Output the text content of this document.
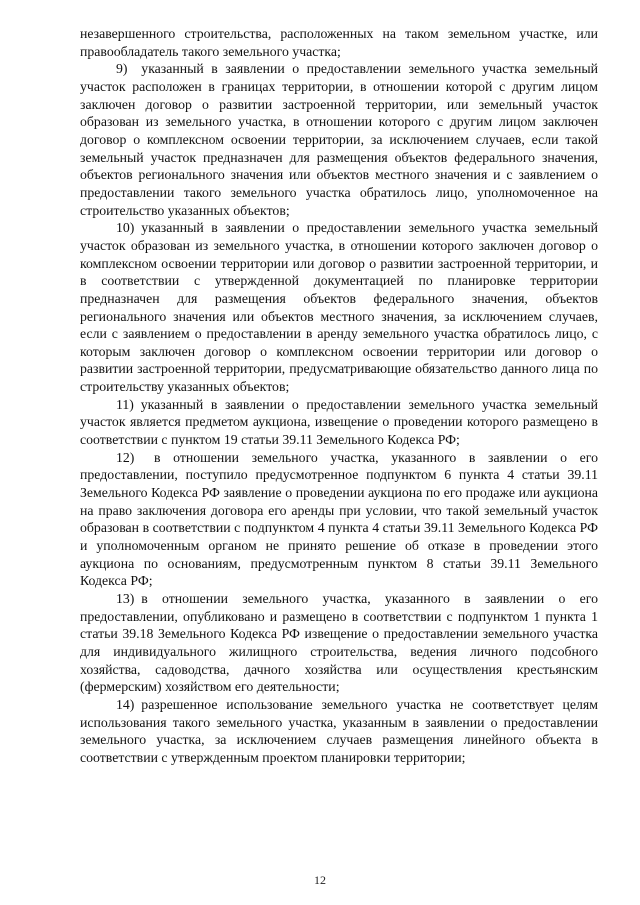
незавершенного строительства, расположенных на таком земельном участке, или правообладатель такого земельного участка;

9) указанный в заявлении о предоставлении земельного участка земельный участок расположен в границах территории, в отношении которой с другим лицом заключен договор о развитии застроенной территории, или земельный участок образован из земельного участка, в отношении которого с другим лицом заключен договор о комплексном освоении территории, за исключением случаев, если такой земельный участок предназначен для размещения объектов федерального значения, объектов регионального значения или объектов местного значения и с заявлением о предоставлении такого земельного участка обратилось лицо, уполномоченное на строительство указанных объектов;

10) указанный в заявлении о предоставлении земельного участка земельный участок образован из земельного участка, в отношении которого заключен договор о комплексном освоении территории или договор о развитии застроенной территории, и в соответствии с утвержденной документацией по планировке территории предназначен для размещения объектов федерального значения, объектов регионального значения или объектов местного значения, за исключением случаев, если с заявлением о предоставлении в аренду земельного участка обратилось лицо, с которым заключен договор о комплексном освоении территории или договор о развитии застроенной территории, предусматривающие обязательство данного лица по строительству указанных объектов;

11) указанный в заявлении о предоставлении земельного участка земельный участок является предметом аукциона, извещение о проведении которого размещено в соответствии с пунктом 19 статьи 39.11 Земельного Кодекса РФ;

12)  в отношении земельного участка, указанного в заявлении о его предоставлении, поступило предусмотренное подпунктом 6 пункта 4 статьи 39.11 Земельного Кодекса РФ заявление о проведении аукциона по его продаже или аукциона на право заключения договора его аренды при условии, что такой земельный участок образован в соответствии с подпунктом 4 пункта 4 статьи 39.11 Земельного Кодекса РФ и уполномоченным органом не принято решение об отказе в проведении этого аукциона по основаниям, предусмотренным пунктом 8 статьи 39.11 Земельного Кодекса РФ;

13) в отношении земельного участка, указанного в заявлении о его предоставлении, опубликовано и размещено в соответствии с подпунктом 1 пункта 1 статьи 39.18 Земельного Кодекса РФ извещение о предоставлении земельного участка для индивидуального жилищного строительства, ведения личного подсобного хозяйства, садоводства, дачного хозяйства или осуществления крестьянским (фермерским) хозяйством его деятельности;

14) разрешенное использование земельного участка не соответствует целям использования такого земельного участка, указанным в заявлении о предоставлении земельного участка, за исключением случаев размещения линейного объекта в соответствии с утвержденным проектом планировки территории;

12
